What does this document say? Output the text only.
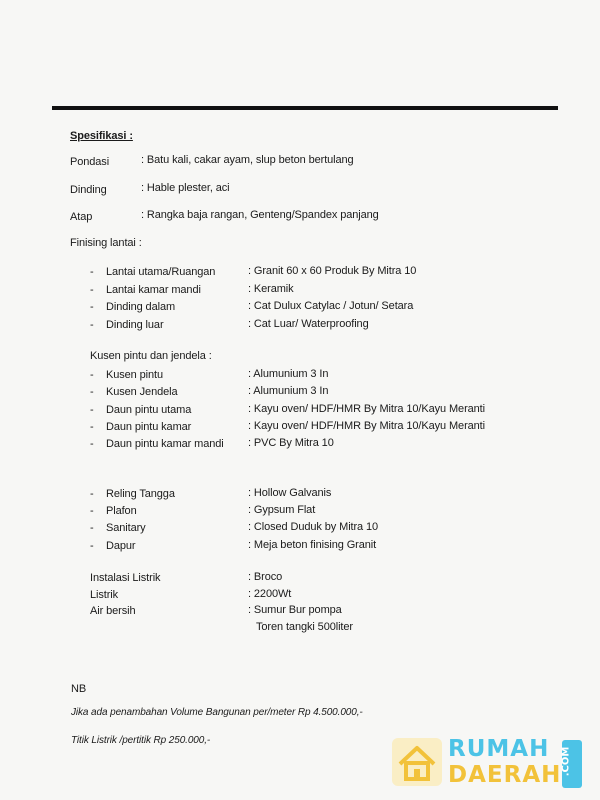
Spesifikasi :
Pondasi	: Batu kali, cakar ayam, slup beton bertulang
Dinding	: Hable plester, aci
Atap	: Rangka baja rangan, Genteng/Spandex panjang
Finising lantai :
- Lantai utama/Ruangan	: Granit 60 x 60 Produk By Mitra 10
- Lantai kamar mandi	: Keramik
- Dinding dalam	: Cat Dulux Catylac / Jotun/ Setara
- Dinding luar	: Cat Luar/ Waterproofing
Kusen pintu dan jendela :
- Kusen pintu	: Alumunium 3 In
- Kusen Jendela	: Alumunium 3 In
- Daun pintu utama	: Kayu oven/ HDF/HMR By Mitra 10/Kayu Meranti
- Daun pintu kamar	: Kayu oven/ HDF/HMR By Mitra 10/Kayu Meranti
- Daun pintu kamar mandi : PVC By Mitra 10
- Reling Tangga	: Hollow Galvanis
- Plafon	: Gypsum Flat
- Sanitary	: Closed Duduk by Mitra 10
- Dapur	: Meja beton finising Granit
Instalasi Listrik	: Broco
Listrik	: 2200Wt
Air bersih	: Sumur Bur pompa
Toren tangki 500liter
NB
Jika ada penambahan Volume Bangunan per/meter Rp 4.500.000,-
Titik Listrik /pertitik Rp 250.000,-	RUMAH
DAERAH
.COM
